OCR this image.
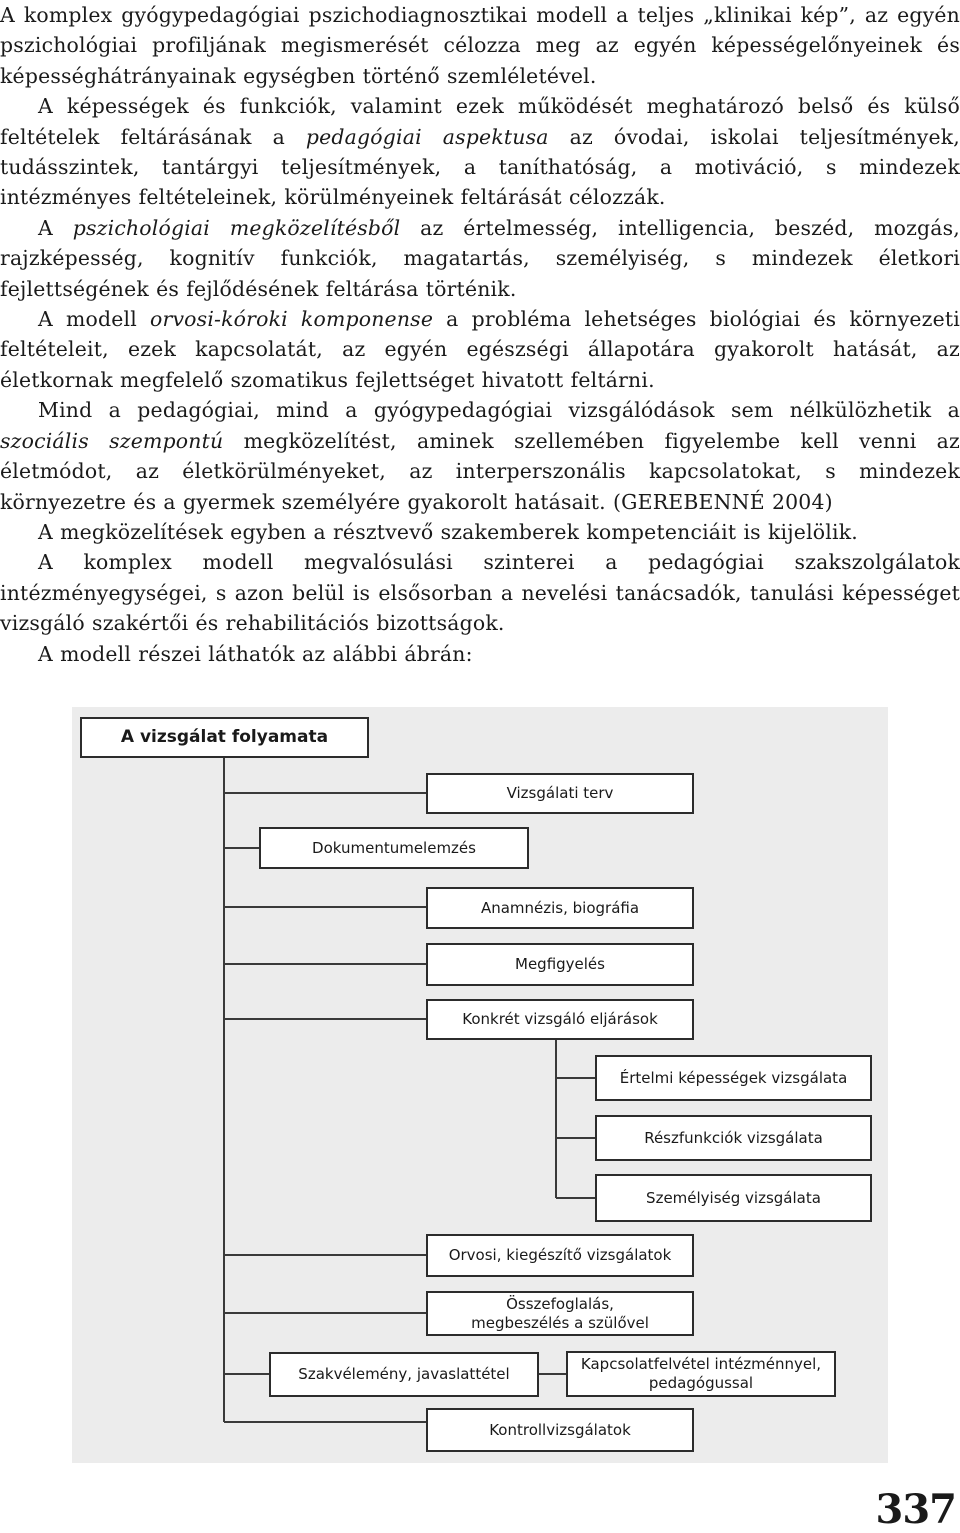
A komplex gyógypedagógiai pszichodiagnosztikai modell a teljes „klinikai kép”, az egyén pszichológiai profiljának megismerését célozza meg az egyén képességelőnyeinek és képességhátrányainak egységben történő szemléletével.

A képességek és funkciók, valamint ezek működését meghatározó belső és külső feltételek feltárásának a pedagógiai aspektusa az óvodai, iskolai teljesítmények, tudásszintek, tantárgyi teljesítmények, a taníthatóság, a motiváció, s mindezek intézményes feltételeinek, körülményeinek feltárását célozzák.

A pszichológiai megközelítésből az értelmesség, intelligencia, beszéd, mozgás, rajzképesség, kognitív funkciók, magatartás, személyiség, s mindezek életkori fejlettségének és fejlődésének feltárása történik.

A modell orvosi-kóroki komponense a probléma lehetséges biológiai és környezeti feltételeit, ezek kapcsolatát, az egyén egészségi állapotára gyakorolt hatását, az életkornak megfelelő szomatikus fejlettséget hivatott feltárni.

Mind a pedagógiai, mind a gyógypedagógiai vizsgálódások sem nélkülözhetik a szociális szempontú megközelítést, aminek szellemében figyelembe kell venni az életmódot, az életkörülményeket, az interperszonális kapcsolatokat, s mindezek környezetre és a gyermek személyére gyakorolt hatásait. (GEREBENNÉ 2004)

A megközelítések egyben a résztvevő szakemberek kompetenciáit is kijelölik.

A komplex modell megvalósulási szinterei a pedagógiai szakszolgálatok intézményegységei, s azon belül is elsősorban a nevelési tanácsadók, tanulási képességet vizsgáló szakértői és rehabilitációs bizottságok.

A modell részei láthatók az alábbi ábrán:

A vizsgálat folyamata
Vizsgálati terv
Dokumentumelemzés
Anamnézis, biográfia
Megfigyelés
Konkrét vizsgáló eljárások
Értelmi képességek vizsgálata
Részfunkciók vizsgálata
Személyiség vizsgálata
Orvosi, kiegészítő vizsgálatok
Összefoglalás,
megbeszélés a szülővel
Szakvélemény, javaslattétel
Kapcsolatfelvétel intézménnyel,
pedagógussal
Kontrollvizsgálatok
337
